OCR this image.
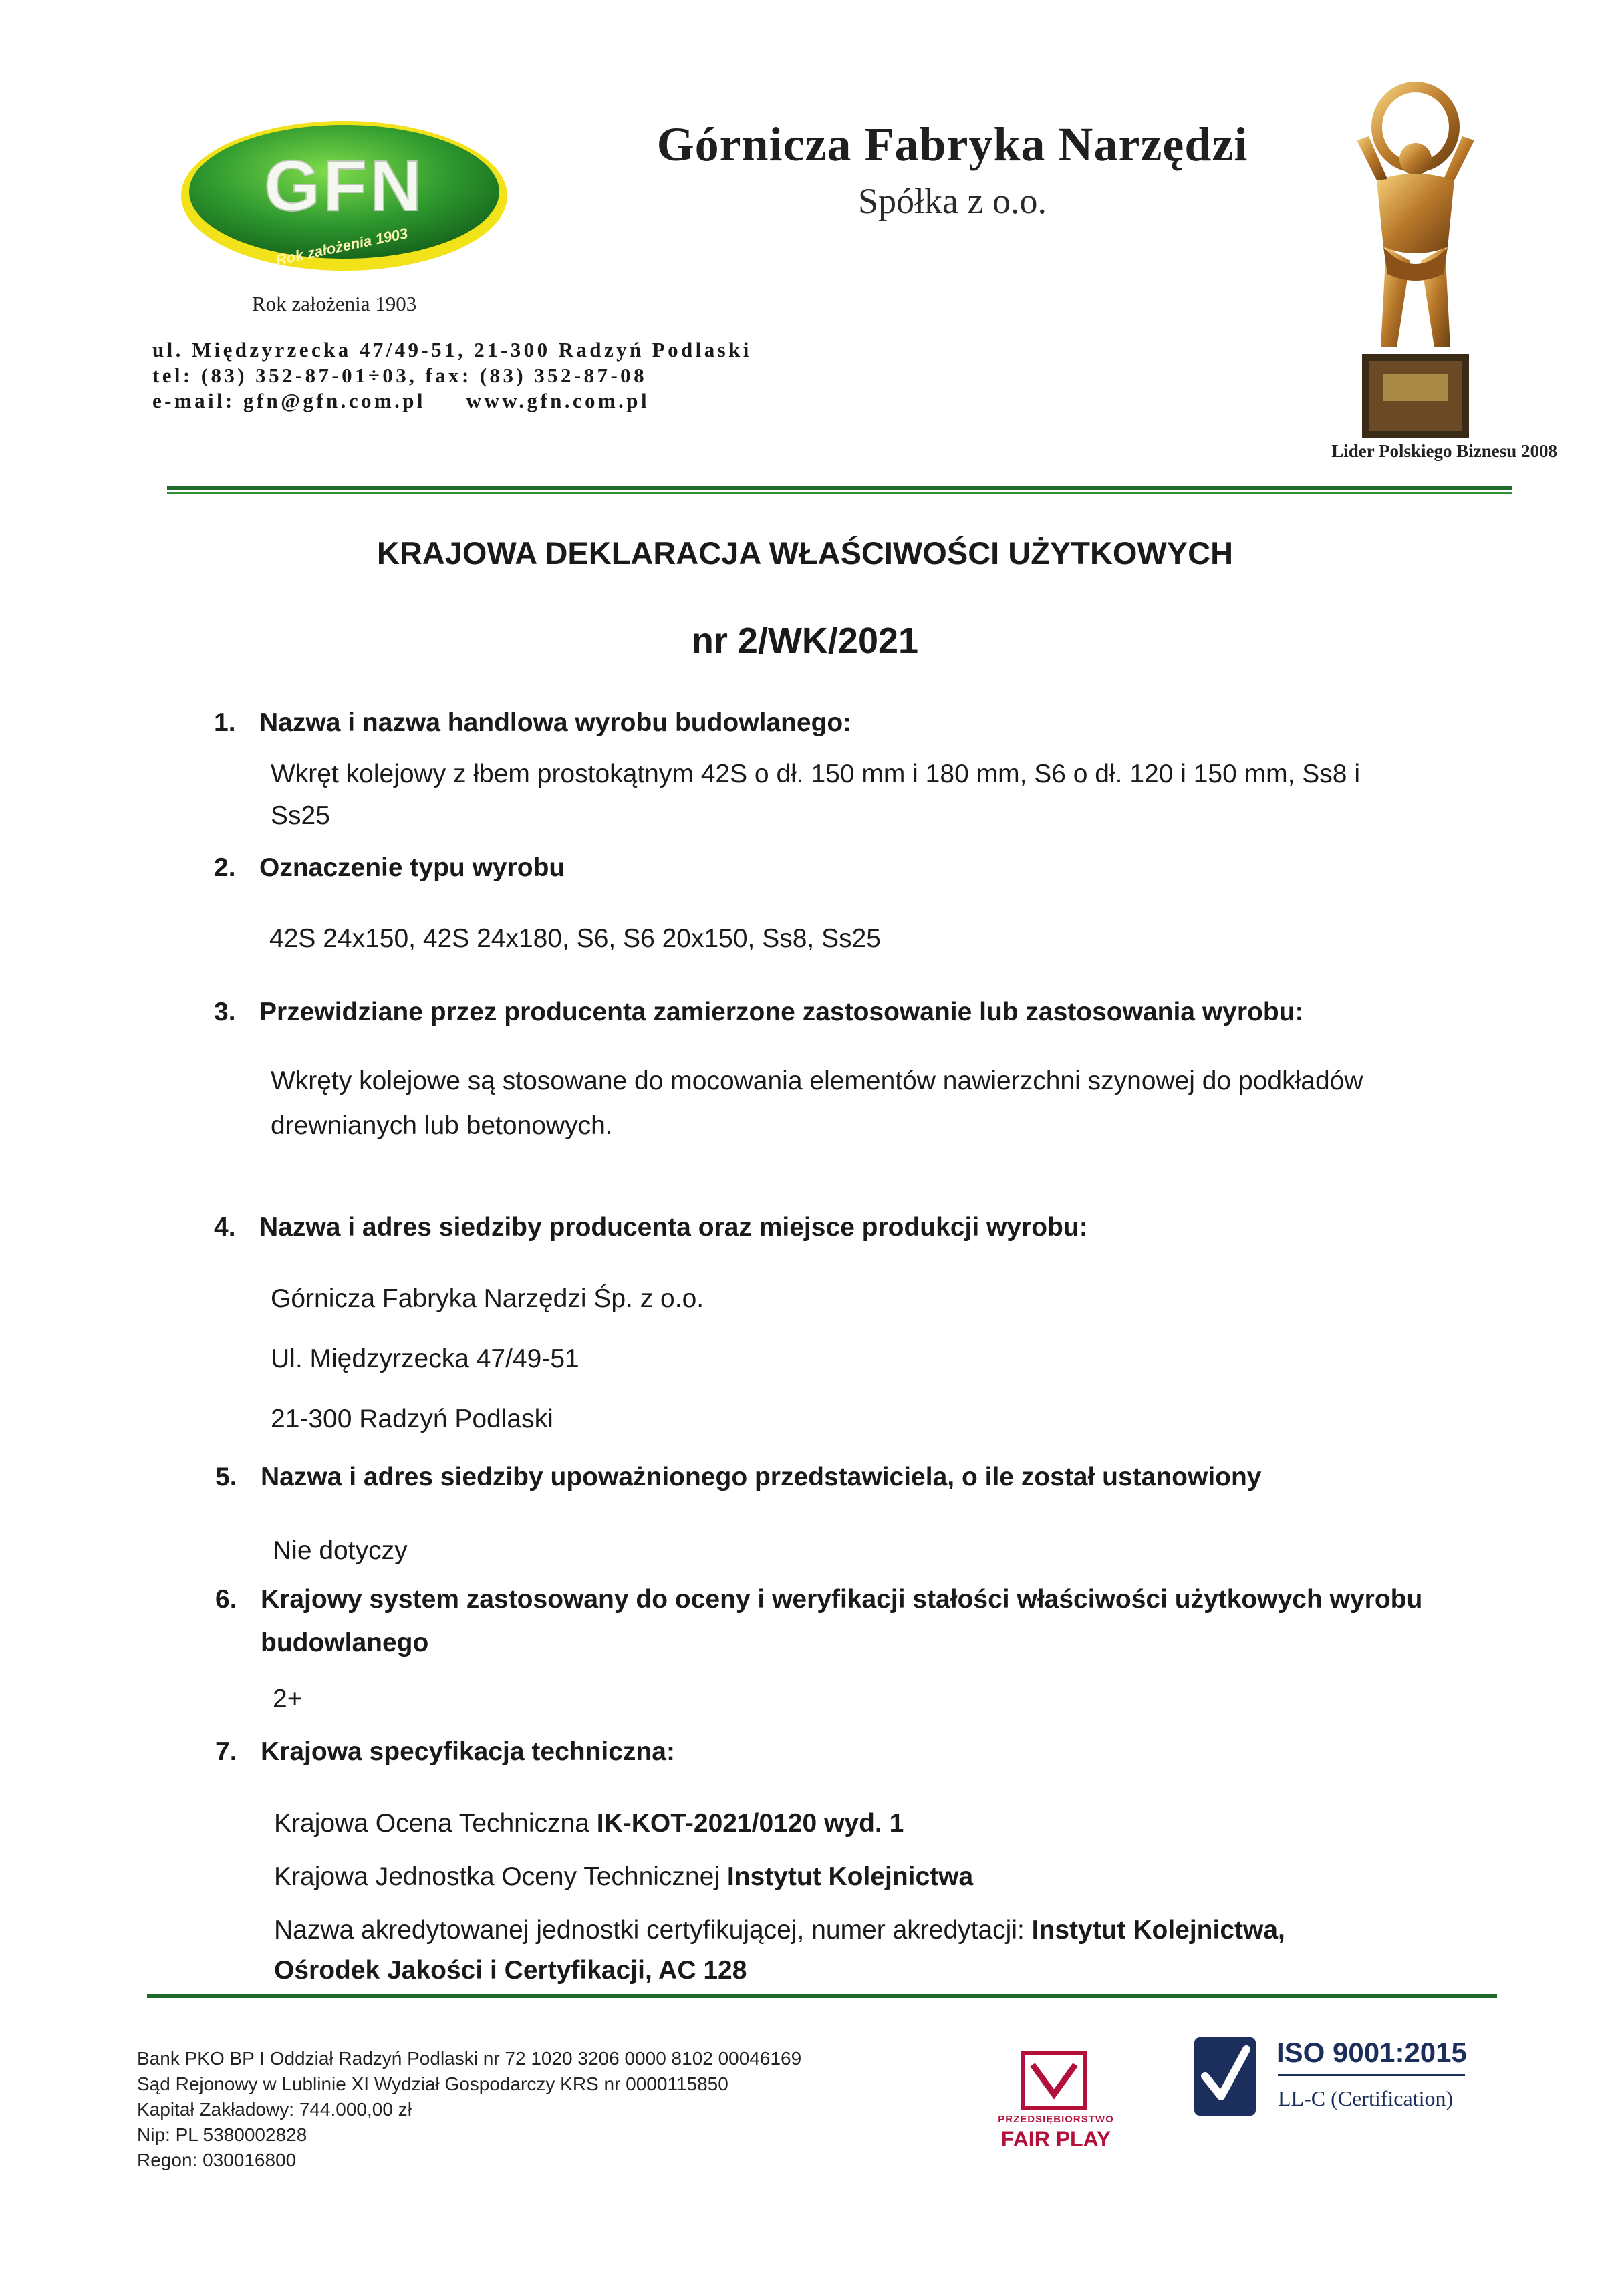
GFN
Rok założenia 1903
Rok założenia 1903
ul. Międzyrzecka 47/49-51, 21-300 Radzyń Podlaski
tel: (83) 352-87-01÷03, fax: (83) 352-87-08
e-mail: gfn@gfn.com.pl www.gfn.com.pl
Górnicza Fabryka Narzędzi
Spółka z o.o.
Lider Polskiego Biznesu 2008
KRAJOWA DEKLARACJA WŁAŚCIWOŚCI UŻYTKOWYCH
nr 2/WK/2021
1. Nazwa i nazwa handlowa wyrobu budowlanego:
Wkręt kolejowy z łbem prostokątnym 42S o dł. 150 mm i 180 mm, S6 o dł. 120 i 150 mm, Ss8 i
Ss25
2. Oznaczenie typu wyrobu
42S 24x150, 42S 24x180, S6, S6 20x150, Ss8, Ss25
3. Przewidziane przez producenta zamierzone zastosowanie lub zastosowania wyrobu:
Wkręty kolejowe są stosowane do mocowania elementów nawierzchni szynowej do podkładów
drewnianych lub betonowych.
4. Nazwa i adres siedziby producenta oraz miejsce produkcji wyrobu:
Górnicza Fabryka Narzędzi Śp. z o.o.
Ul. Międzyrzecka 47/49-51
21-300 Radzyń Podlaski
5. Nazwa i adres siedziby upoważnionego przedstawiciela, o ile został ustanowiony
Nie dotyczy
6. Krajowy system zastosowany do oceny i weryfikacji stałości właściwości użytkowych wyrobu
budowlanego
2+
7. Krajowa specyfikacja techniczna:
Krajowa Ocena Techniczna IK-KOT-2021/0120 wyd. 1
Krajowa Jednostka Oceny Technicznej Instytut Kolejnictwa
Nazwa akredytowanej jednostki certyfikującej, numer akredytacji: Instytut Kolejnictwa,
Ośrodek Jakości i Certyfikacji, AC 128
Bank PKO BP I Oddział Radzyń Podlaski nr 72 1020 3206 0000 8102 00046169
Sąd Rejonowy w Lublinie XI Wydział Gospodarczy KRS nr 0000115850
Kapitał Zakładowy: 744.000,00 zł
Nip: PL 5380002828
Regon: 030016800
PRZEDSIĘBIORSTWO
FAIR PLAY
ISO 9001:2015
LL-C (Certification)
